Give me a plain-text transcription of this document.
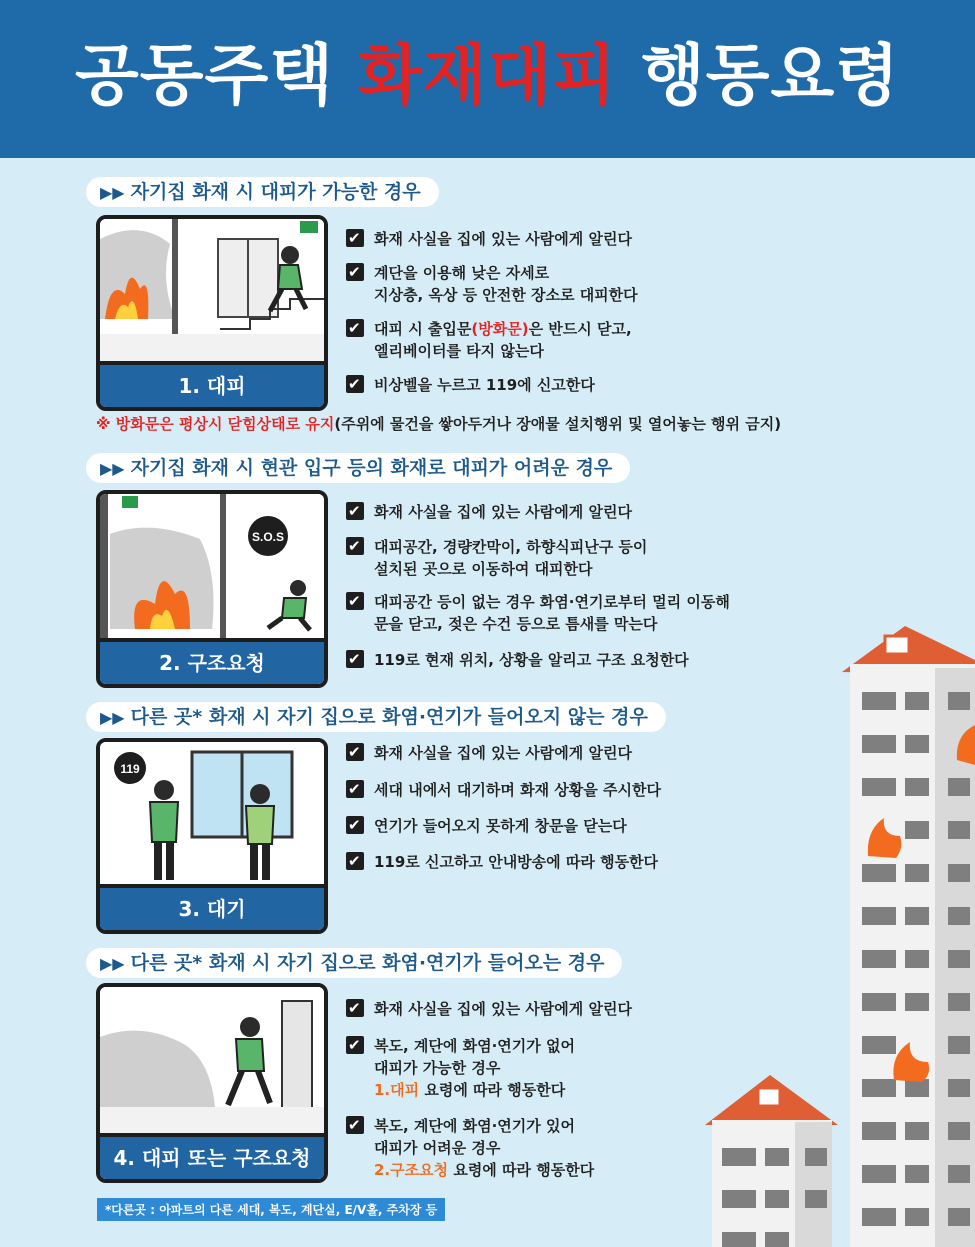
공동주택 화재대피 행동요령
▶▶ 자기집 화재 시 대피가 가능한 경우
1. 대피
✔
화재 사실을 집에 있는 사람에게 알린다
✔
계단을 이용해 낮은 자세로
지상층, 옥상 등 안전한 장소로 대피한다
✔
대피 시 출입문(방화문)은 반드시 닫고,
엘리베이터를 타지 않는다
✔
비상벨을 누르고 119에 신고한다
※ 방화문은 평상시 닫힘상태로 유지(주위에 물건을 쌓아두거나 장애물 설치행위 및 열어놓는 행위 금지)
▶▶ 자기집 화재 시 현관 입구 등의 화재로 대피가 어려운 경우
S.O.S
2. 구조요청
✔
화재 사실을 집에 있는 사람에게 알린다
✔
대피공간, 경량칸막이, 하향식피난구 등이
설치된 곳으로 이동하여 대피한다
✔
대피공간 등이 없는 경우 화염·연기로부터 멀리 이동해
문을 닫고, 젖은 수건 등으로 틈새를 막는다
✔
119로 현재 위치, 상황을 알리고 구조 요청한다
▶▶ 다른 곳* 화재 시 자기 집으로 화염·연기가 들어오지 않는 경우
119
3. 대기
✔
화재 사실을 집에 있는 사람에게 알린다
✔
세대 내에서 대기하며 화재 상황을 주시한다
✔
연기가 들어오지 못하게 창문을 닫는다
✔
119로 신고하고 안내방송에 따라 행동한다
▶▶ 다른 곳* 화재 시 자기 집으로 화염·연기가 들어오는 경우
4. 대피 또는 구조요청
✔
화재 사실을 집에 있는 사람에게 알린다
✔
복도, 계단에 화염·연기가 없어
대피가 가능한 경우
1.대피 요령에 따라 행동한다
✔
복도, 계단에 화염·연기가 있어
대피가 어려운 경우
2.구조요청 요령에 따라 행동한다
*다른곳 : 아파트의 다른 세대, 복도, 계단실, E/V홀, 주차장 등
